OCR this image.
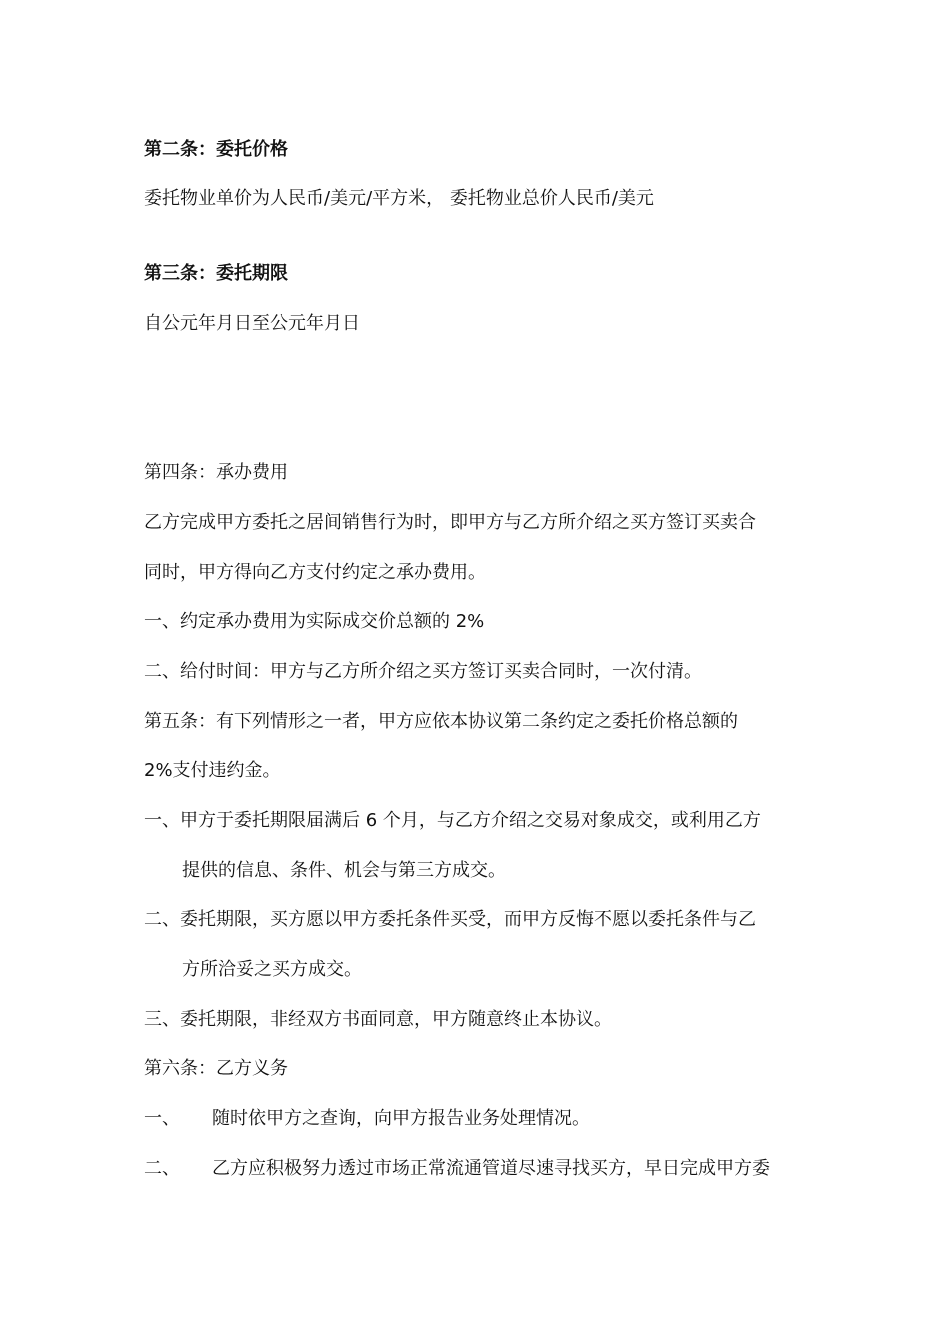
第二条：委托价格
委托物业单价为人民币/美元/平方米， 委托物业总价人民币/美元
第三条：委托期限
自公元年月日至公元年月日
第四条：承办费用
乙方完成甲方委托之居间销售行为时，即甲方与乙方所介绍之买方签订买卖合
同时，甲方得向乙方支付约定之承办费用。
一、约定承办费用为实际成交价总额的 2%
二、给付时间：甲方与乙方所介绍之买方签订买卖合同时，一次付清。
第五条：有下列情形之一者，甲方应依本协议第二条约定之委托价格总额的
2%支付违约金。
一、甲方于委托期限届满后 6 个月，与乙方介绍之交易对象成交，或利用乙方
提供的信息、条件、机会与第三方成交。
二、委托期限，买方愿以甲方委托条件买受，而甲方反悔不愿以委托条件与乙
方所洽妥之买方成交。
三、委托期限，非经双方书面同意，甲方随意终止本协议。
第六条：乙方义务
一、 随时依甲方之查询，向甲方报告业务处理情况。
二、 乙方应积极努力透过市场正常流通管道尽速寻找买方，早日完成甲方委
